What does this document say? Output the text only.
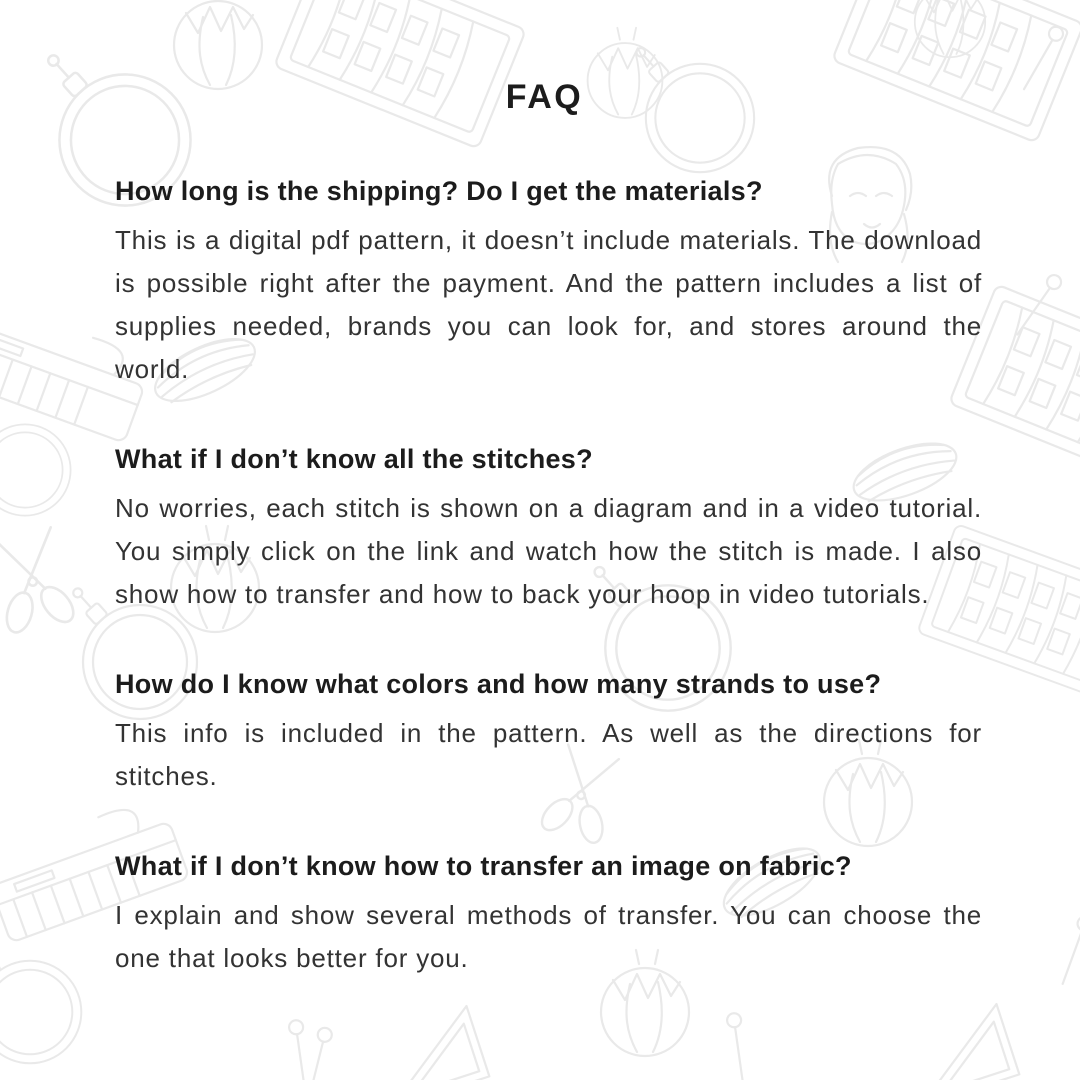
FAQ
How long is the shipping? Do I get the materials?

This is a digital pdf pattern, it doesn’t include materials. The download is possible right after the payment. And the pattern includes a list of supplies needed, brands you can look for, and stores around the world.

What if I don’t know all the stitches?

No worries, each stitch is shown on a diagram and in a video tutorial. You simply click on the link and watch how the stitch is made. I also show how to transfer and how to back your hoop in video tutorials.

How do I know what colors and how many strands to use?

This info is included in the pattern. As well as the directions for stitches.

What if I don’t know how to transfer an image on fabric?

I explain and show several methods of transfer. You can choose the one that looks better for you.
